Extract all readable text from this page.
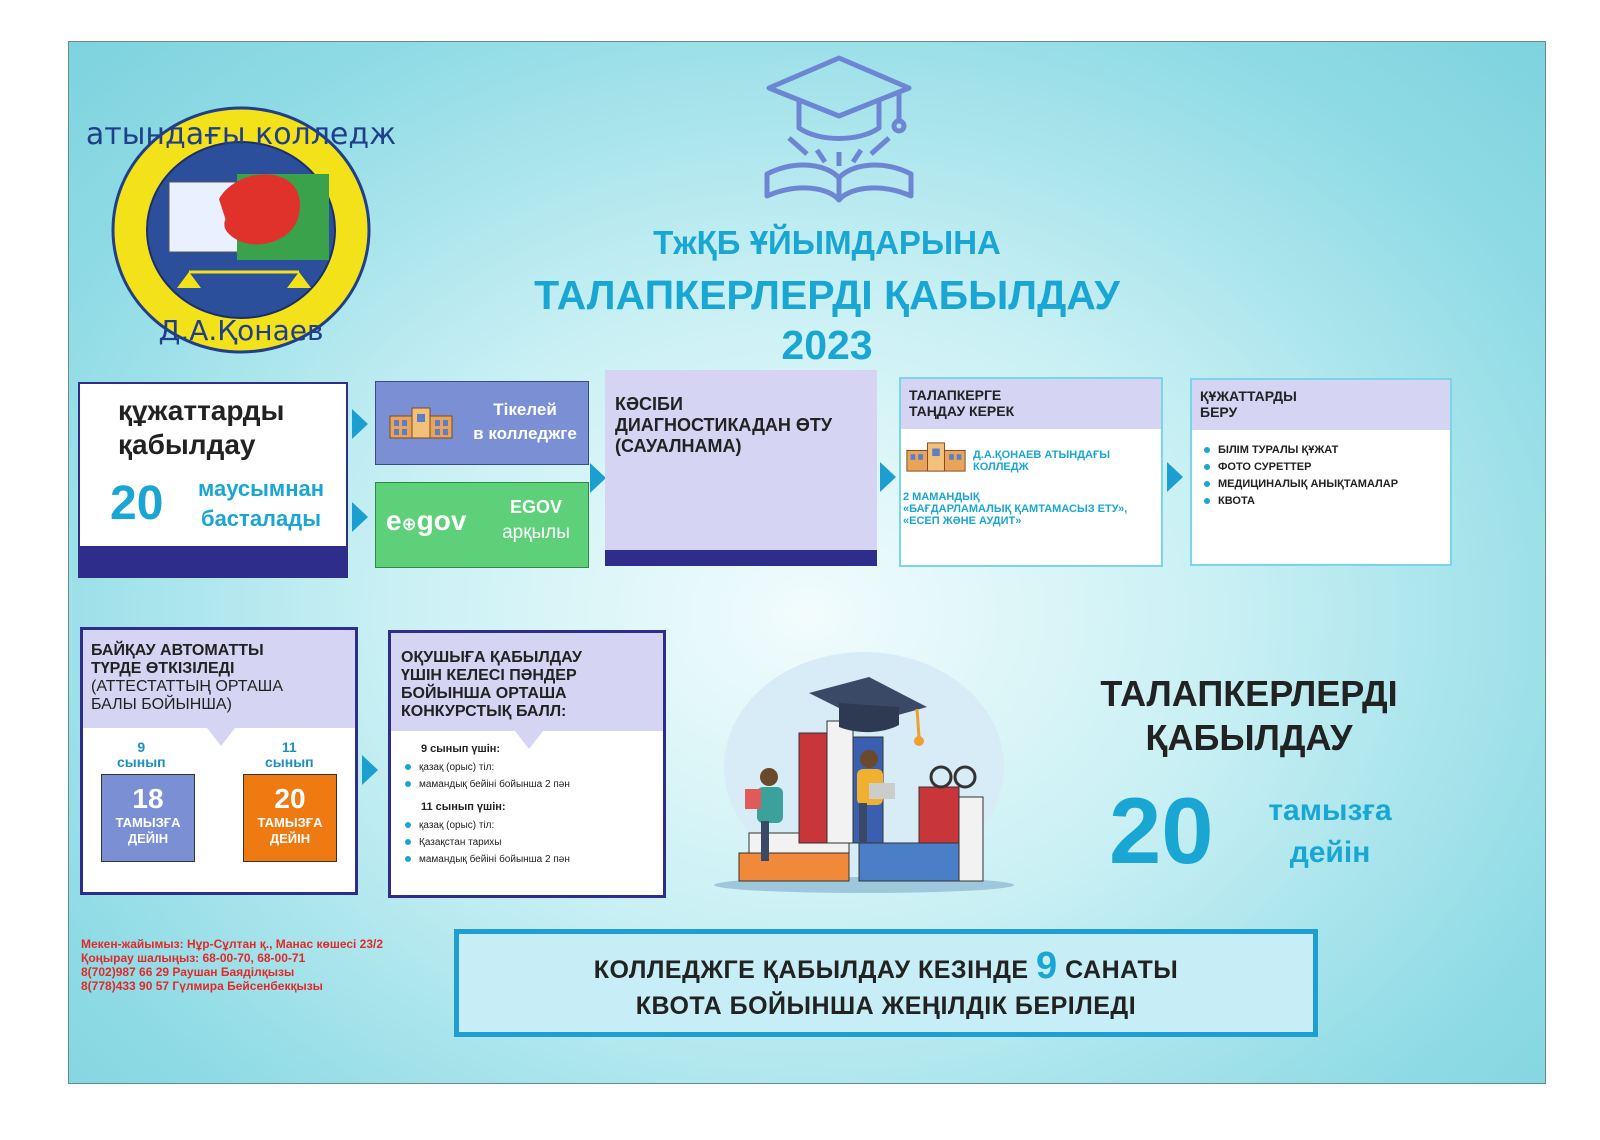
атындағы колледж
Д.А.Қонаев
ТжҚБ ҰЙЫМДАРЫНА
ТАЛАПКЕРЛЕРДІ ҚАБЫЛДАУ
2023
құжаттарды
қабылдау
20 маусымнан
басталады
Тікелей
в колледжге
e⊕gov	EGOV
арқылы
КӘСІБИ
ДИАГНОСТИКАДАН ӨТУ
(САУАЛНАМА)
ТАЛАПКЕРГЕ
ТАҢДАУ КЕРЕК
Д.А.ҚОНАЕВ АТЫНДАҒЫ
КОЛЛЕДЖ
2 МАМАНДЫҚ
«БАҒДАРЛАМАЛЫҚ ҚАМТАМАСЫЗ ЕТУ»,
«ЕСЕП ЖӘНЕ АУДИТ»
ҚҰЖАТТАРДЫ
БЕРУ
БІЛІМ ТУРАЛЫ ҚҰЖАТ
ФОТО СУРЕТТЕР
МЕДИЦИНАЛЫҚ АНЫҚТАМАЛАР
КВОТА
БАЙҚАУ АВТОМАТТЫ
ТҮРДЕ ӨТКІЗІЛЕДІ
(АТТЕСТАТТЫҢ ОРТАША
БАЛЫ БОЙЫНША)
9
сынып
11
сынып
18
ТАМЫЗҒА
ДЕЙІН
20
ТАМЫЗҒА
ДЕЙІН
ОҚУШЫҒА ҚАБЫЛДАУ
ҮШІН КЕЛЕСІ ПӘНДЕР
БОЙЫНША ОРТАША
КОНКУРСТЫҚ БАЛЛ:
9 сынып үшін:
қазақ (орыс) тіл:
мамандық бейіні бойынша 2 пән
11 сынып үшін:
қазақ (орыс) тіл:
Қазақстан тарихы
мамандық бейіні бойынша 2 пән
ТАЛАПКЕРЛЕРДІ
ҚАБЫЛДАУ
20	тамызға
дейін
Мекен-жайымыз: Нұр-Сұлтан қ., Манас көшесі 23/2
Қоңырау шалыңыз: 68-00-70, 68-00-71
8(702)987 66 29 Раушан Баяділқызы
8(778)433 90 57 Гүлмира Бейсенбекқызы
КОЛЛЕДЖГЕ ҚАБЫЛДАУ КЕЗІНДЕ 9 САНАТЫ
КВОТА БОЙЫНША ЖЕҢІЛДІК БЕРІЛЕДІ
